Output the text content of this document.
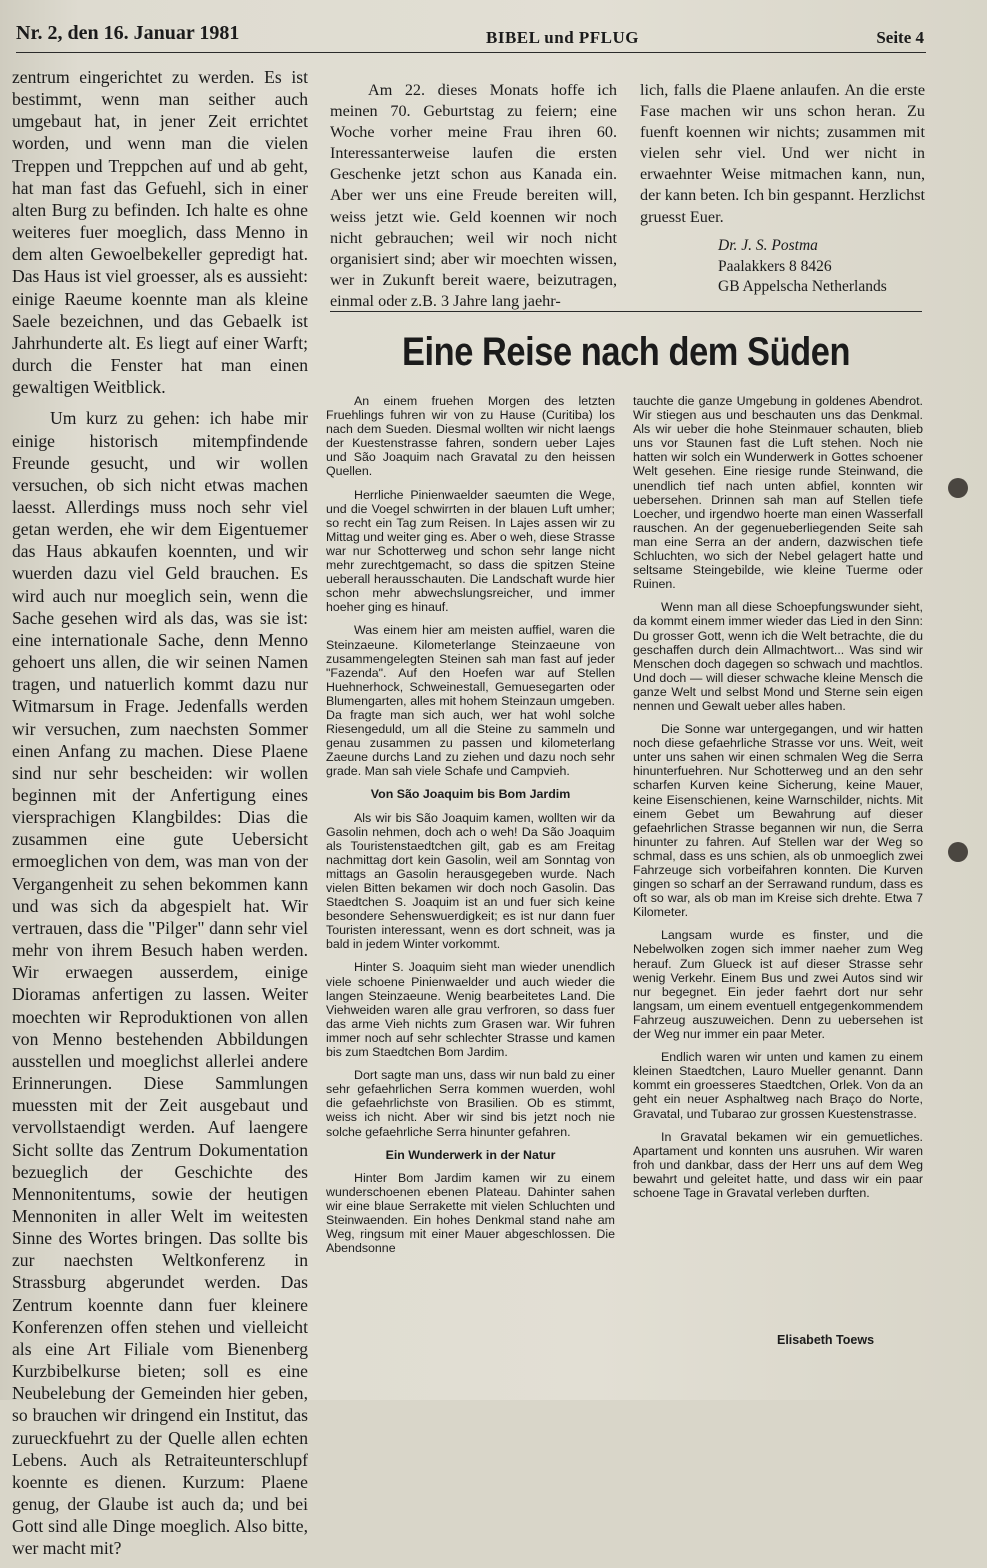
Nr. 2, den 16. Januar 1981	BIBEL und PFLUG	Seite 4

zentrum eingerichtet zu werden. Es ist bestimmt, wenn man seither auch umgebaut hat, in jener Zeit errichtet worden, und wenn man die vielen Treppen und Treppchen auf und ab geht, hat man fast das Gefuehl, sich in einer alten Burg zu befinden. Ich halte es ohne weiteres fuer moeglich, dass Menno in dem alten Gewoelbekeller gepredigt hat. Das Haus ist viel groesser, als es aussieht: einige Raeume koennte man als kleine Saele bezeichnen, und das Gebaelk ist Jahrhunderte alt. Es liegt auf einer Warft; durch die Fenster hat man einen gewaltigen Weitblick.

Um kurz zu gehen: ich habe mir einige historisch mitempfindende Freunde gesucht, und wir wollen versuchen, ob sich nicht etwas machen laesst. Allerdings muss noch sehr viel getan werden, ehe wir dem Eigentuemer das Haus abkaufen koennten, und wir wuerden dazu viel Geld brauchen. Es wird auch nur moeglich sein, wenn die Sache gesehen wird als das, was sie ist: eine internationale Sache, denn Menno gehoert uns allen, die wir seinen Namen tragen, und natuerlich kommt dazu nur Witmarsum in Frage. Jedenfalls werden wir versuchen, zum naechsten Sommer einen Anfang zu machen. Diese Plaene sind nur sehr bescheiden: wir wollen beginnen mit der Anfertigung eines viersprachigen Klangbildes: Dias die zusammen eine gute Uebersicht ermoeglichen von dem, was man von der Vergangenheit zu sehen bekommen kann und was sich da abgespielt hat. Wir vertrauen, dass die "Pilger" dann sehr viel mehr von ihrem Besuch haben werden. Wir erwaegen ausserdem, einige Dioramas anfertigen zu lassen. Weiter moechten wir Reproduktionen von allen von Menno bestehenden Abbildungen ausstellen und moeglichst allerlei andere Erinnerungen. Diese Sammlungen muessten mit der Zeit ausgebaut und vervollstaendigt werden. Auf laengere Sicht sollte das Zentrum Dokumentation bezueglich der Geschichte des Mennonitentums, sowie der heutigen Mennoniten in aller Welt im weitesten Sinne des Wortes bringen. Das sollte bis zur naechsten Weltkonferenz in Strassburg abgerundet werden. Das Zentrum koennte dann fuer kleinere Konferenzen offen stehen und vielleicht als eine Art Filiale vom Bienenberg Kurzbibelkurse bieten; soll es eine Neubelebung der Gemeinden hier geben, so brauchen wir dringend ein Institut, das zurueckfuehrt zu der Quelle allen echten Lebens. Auch als Retraiteunterschlupf koennte es dienen. Kurzum: Plaene genug, der Glaube ist auch da; und bei Gott sind alle Dinge moeglich. Also bitte, wer macht mit?

Am 22. dieses Monats hoffe ich meinen 70. Geburtstag zu feiern; eine Woche vorher meine Frau ihren 60. Interessanterweise laufen die ersten Geschenke jetzt schon aus Kanada ein. Aber wer uns eine Freude bereiten will, weiss jetzt wie. Geld koennen wir noch nicht gebrauchen; weil wir noch nicht organisiert sind; aber wir moechten wissen, wer in Zukunft bereit waere, beizutragen, einmal oder z.B. 3 Jahre lang jaehr-

lich, falls die Plaene anlaufen. An die erste Fase machen wir uns schon heran. Zu fuenft koennen wir nichts; zusammen mit vielen sehr viel. Und wer nicht in erwaehnter Weise mitmachen kann, nun, der kann beten. Ich bin gespannt. Herzlichst gruesst Euer.

Dr. J. S. Postma
Paalakkers 8 8426
GB Appelscha Netherlands
Eine Reise nach dem Süden

An einem fruehen Morgen des letzten Fruehlings fuhren wir von zu Hause (Curitiba) los nach dem Sueden. Diesmal wollten wir nicht laengs der Kuestenstrasse fahren, sondern ueber Lajes und São Joaquim nach Gravatal zu den heissen Quellen.

Herrliche Pinienwaelder saeumten die Wege, und die Voegel schwirrten in der blauen Luft umher; so recht ein Tag zum Reisen. In Lajes assen wir zu Mittag und weiter ging es. Aber o weh, diese Strasse war nur Schotterweg und schon sehr lange nicht mehr zurechtgemacht, so dass die spitzen Steine ueberall herausschauten. Die Landschaft wurde hier schon mehr abwechslungsreicher, und immer hoeher ging es hinauf.

Was einem hier am meisten auffiel, waren die Steinzaeune. Kilometerlange Steinzaeune von zusammengelegten Steinen sah man fast auf jeder "Fazenda". Auf den Hoefen war auf Stellen Huehnerhock, Schweinestall, Gemuesegarten oder Blumengarten, alles mit hohem Steinzaun umgeben. Da fragte man sich auch, wer hat wohl solche Riesengeduld, um all die Steine zu sammeln und genau zusammen zu passen und kilometerlang Zaeune durchs Land zu ziehen und dazu noch sehr grade. Man sah viele Schafe und Campvieh.

Von São Joaquim bis Bom Jardim

Als wir bis São Joaquim kamen, wollten wir da Gasolin nehmen, doch ach o weh! Da São Joaquim als Touristenstaedtchen gilt, gab es am Freitag nachmittag dort kein Gasolin, weil am Sonntag von mittags an Gasolin herausgegeben wurde. Nach vielen Bitten bekamen wir doch noch Gasolin. Das Staedtchen S. Joaquim ist an und fuer sich keine besondere Sehenswuerdigkeit; es ist nur dann fuer Touristen interessant, wenn es dort schneit, was ja bald in jedem Winter vorkommt.

Hinter S. Joaquim sieht man wieder unendlich viele schoene Pinienwaelder und auch wieder die langen Steinzaeune. Wenig bearbeitetes Land. Die Viehweiden waren alle grau verfroren, so dass fuer das arme Vieh nichts zum Grasen war. Wir fuhren immer noch auf sehr schlechter Strasse und kamen bis zum Staedtchen Bom Jardim.

Dort sagte man uns, dass wir nun bald zu einer sehr gefaehrlichen Serra kommen wuerden, wohl die gefaehrlichste von Brasilien. Ob es stimmt, weiss ich nicht. Aber wir sind bis jetzt noch nie solche gefaehrliche Serra hinunter gefahren.

Ein Wunderwerk in der Natur

Hinter Bom Jardim kamen wir zu einem wunderschoenen ebenen Plateau. Dahinter sahen wir eine blaue Serrakette mit vielen Schluchten und Steinwaenden. Ein hohes Denkmal stand nahe am Weg, ringsum mit einer Mauer abgeschlossen. Die Abendsonne

tauchte die ganze Umgebung in goldenes Abendrot. Wir stiegen aus und beschauten uns das Denkmal. Als wir ueber die hohe Steinmauer schauten, blieb uns vor Staunen fast die Luft stehen. Noch nie hatten wir solch ein Wunderwerk in Gottes schoener Welt gesehen. Eine riesige runde Steinwand, die unendlich tief nach unten abfiel, konnten wir uebersehen. Drinnen sah man auf Stellen tiefe Loecher, und irgendwo hoerte man einen Wasserfall rauschen. An der gegenueberliegenden Seite sah man eine Serra an der andern, dazwischen tiefe Schluchten, wo sich der Nebel gelagert hatte und seltsame Steingebilde, wie kleine Tuerme oder Ruinen.

Wenn man all diese Schoepfungswunder sieht, da kommt einem immer wieder das Lied in den Sinn: Du grosser Gott, wenn ich die Welt betrachte, die du geschaffen durch dein Allmachtwort... Was sind wir Menschen doch dagegen so schwach und machtlos. Und doch — will dieser schwache kleine Mensch die ganze Welt und selbst Mond und Sterne sein eigen nennen und Gewalt ueber alles haben.

Die Sonne war untergegangen, und wir hatten noch diese gefaehrliche Strasse vor uns. Weit, weit unter uns sahen wir einen schmalen Weg die Serra hinunterfuehren. Nur Schotterweg und an den sehr scharfen Kurven keine Sicherung, keine Mauer, keine Eisenschienen, keine Warnschilder, nichts. Mit einem Gebet um Bewahrung auf dieser gefaehrlichen Strasse begannen wir nun, die Serra hinunter zu fahren. Auf Stellen war der Weg so schmal, dass es uns schien, als ob unmoeglich zwei Fahrzeuge sich vorbeifahren konnten. Die Kurven gingen so scharf an der Serrawand rundum, dass es oft so war, als ob man im Kreise sich drehte. Etwa 7 Kilometer.

Langsam wurde es finster, und die Nebelwolken zogen sich immer naeher zum Weg herauf. Zum Glueck ist auf dieser Strasse sehr wenig Verkehr. Einem Bus und zwei Autos sind wir nur begegnet. Ein jeder faehrt dort nur sehr langsam, um einem eventuell entgegenkommendem Fahrzeug auszuweichen. Denn zu uebersehen ist der Weg nur immer ein paar Meter.

Endlich waren wir unten und kamen zu einem kleinen Staedtchen, Lauro Mueller genannt. Dann kommt ein groesseres Staedtchen, Orlek. Von da an geht ein neuer Asphaltweg nach Braço do Norte, Gravatal, und Tubarao zur grossen Kuestenstrasse.

In Gravatal bekamen wir ein gemuetliches. Apartament und konnten uns ausruhen. Wir waren froh und dankbar, dass der Herr uns auf dem Weg bewahrt und geleitet hatte, und dass wir ein paar schoene Tage in Gravatal verleben durften.

Elisabeth Toews
